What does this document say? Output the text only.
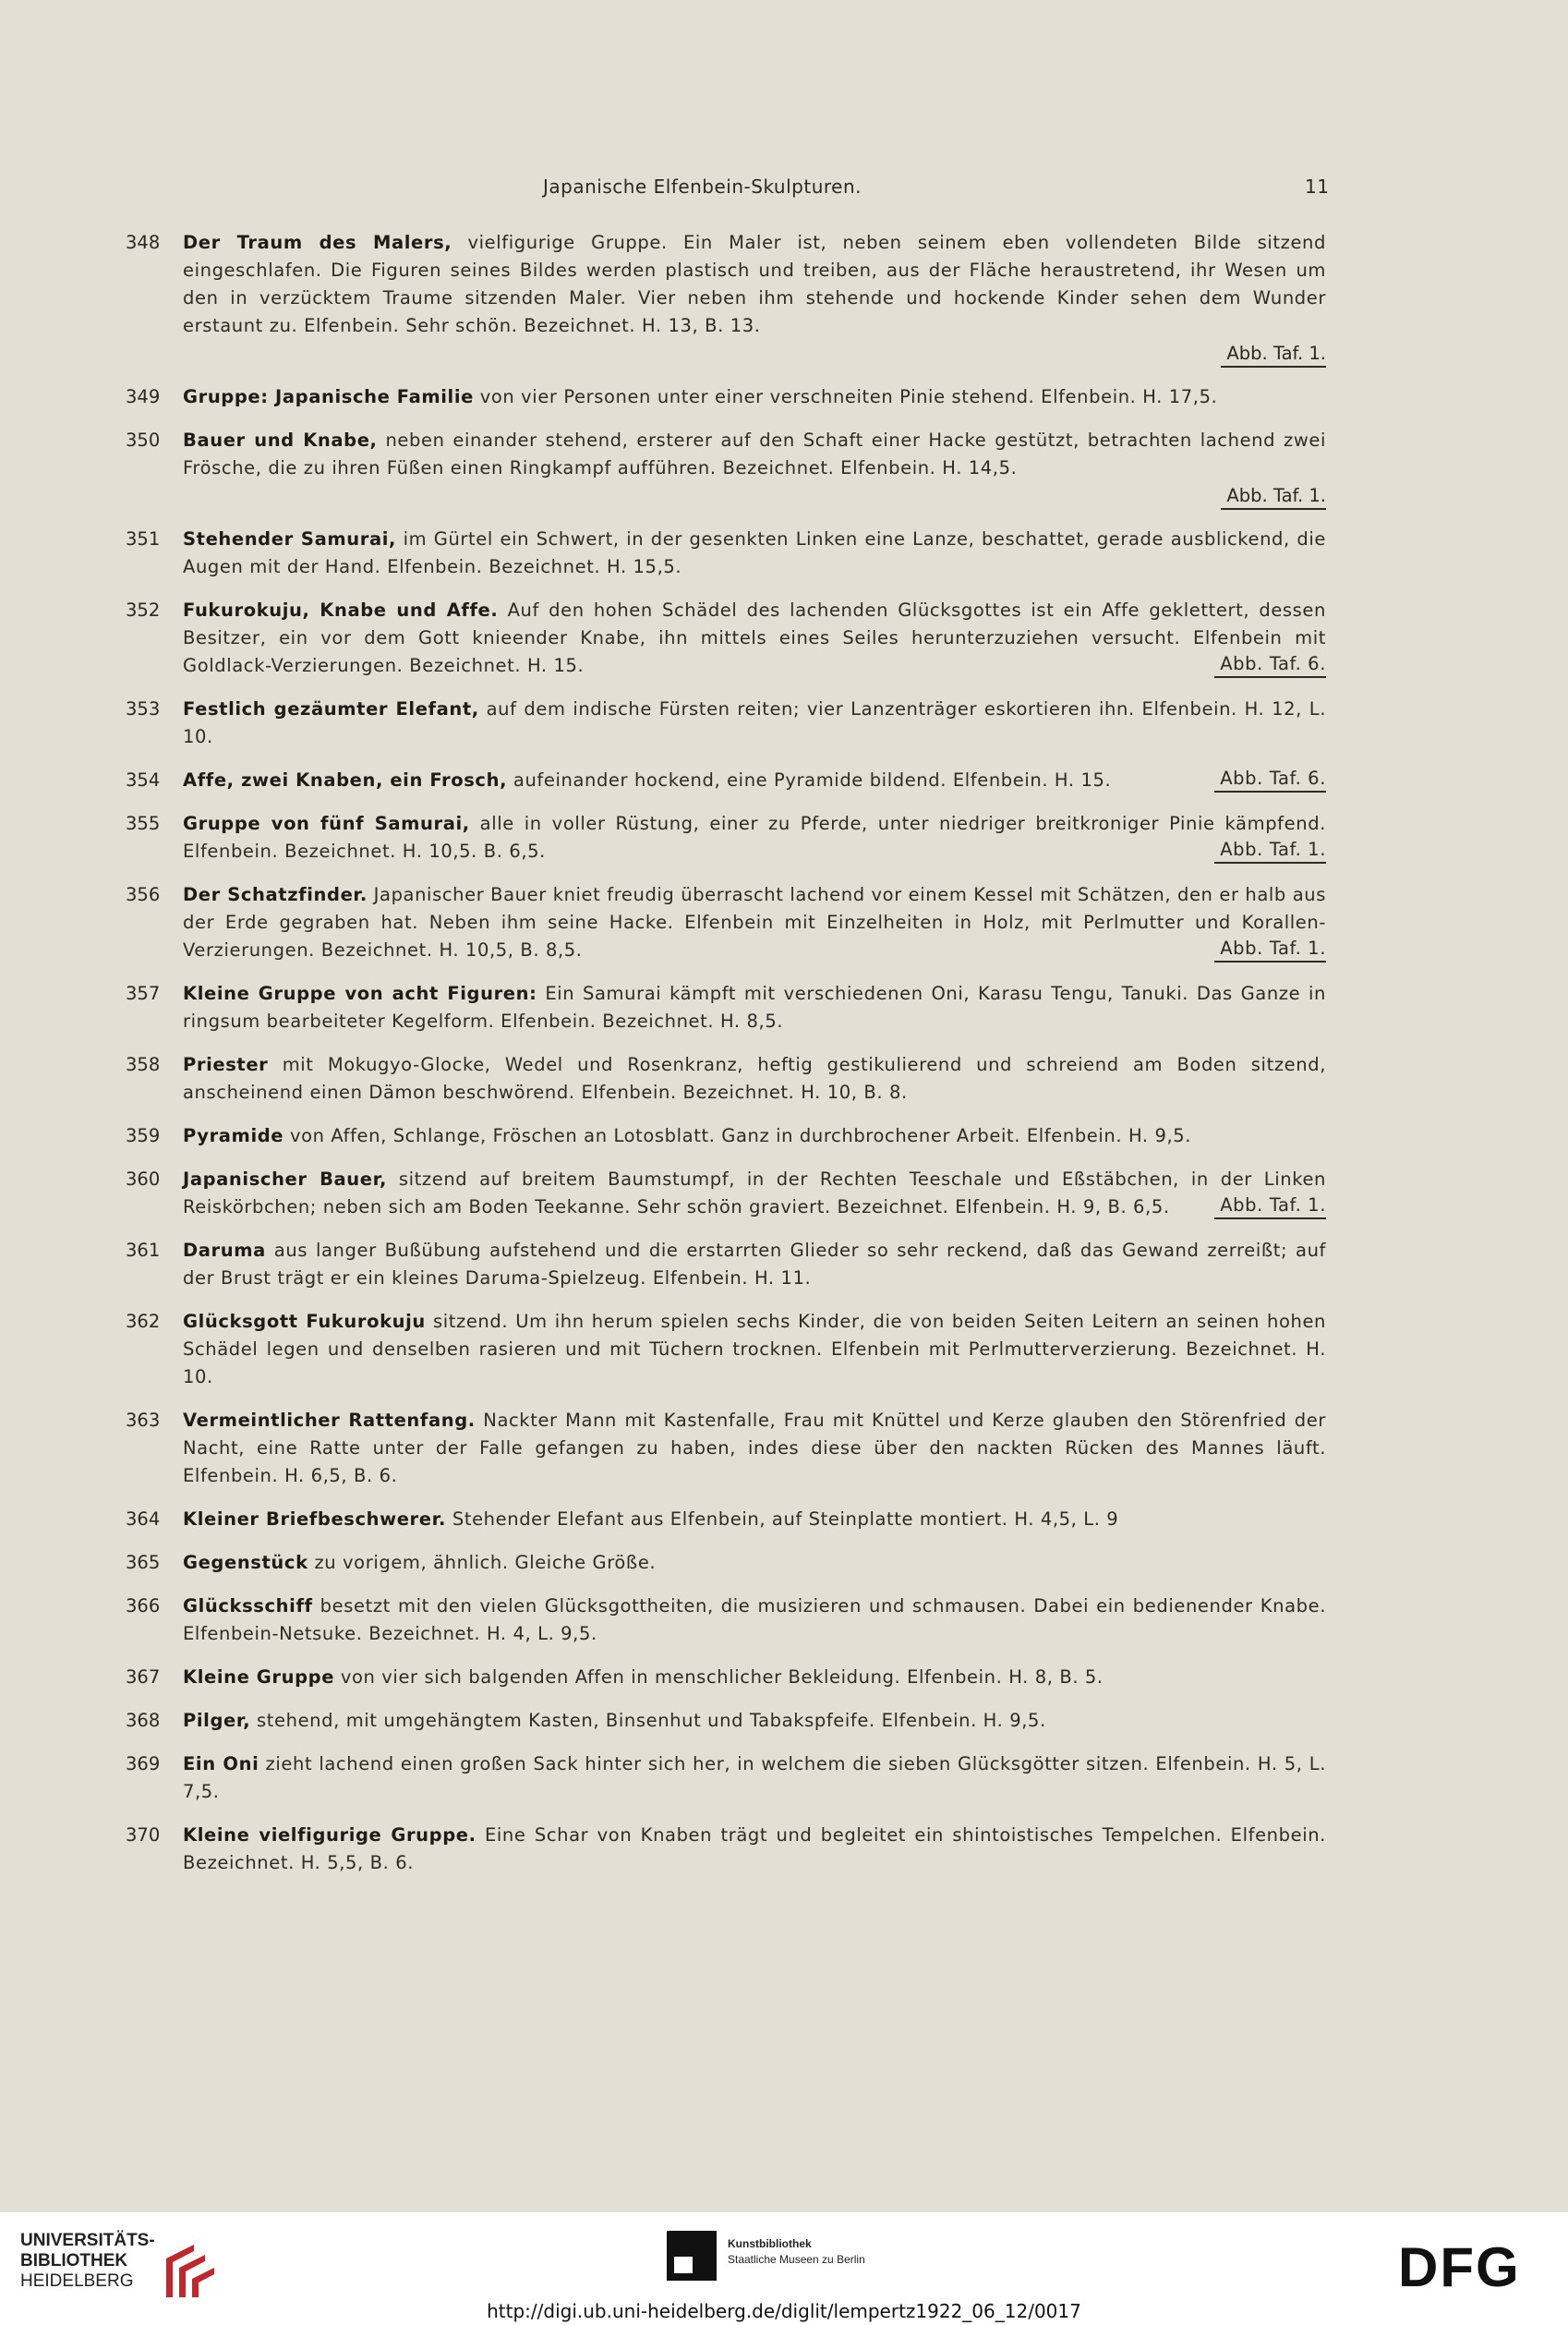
Japanische Elfenbein-Skulpturen.	11
348	Der Traum des Malers, vielfigurige Gruppe. Ein Maler ist, neben seinem eben vollendeten Bilde sitzend eingeschlafen. Die Figuren seines Bildes werden plastisch und treiben, aus der Fläche heraustretend, ihr Wesen um den in verzücktem Traume sitzenden Maler. Vier neben ihm stehende und hockende Kinder sehen dem Wunder erstaunt zu. Elfenbein. Sehr schön. Bezeichnet. H. 13, B. 13.
Abb. Taf. 1.
349	Gruppe: Japanische Familie von vier Personen unter einer verschneiten Pinie stehend. Elfenbein. H. 17,5.
350	Bauer und Knabe, neben einander stehend, ersterer auf den Schaft einer Hacke gestützt, betrachten lachend zwei Frösche, die zu ihren Füßen einen Ringkampf aufführen. Bezeichnet. Elfenbein. H. 14,5.
Abb. Taf. 1.
351	Stehender Samurai, im Gürtel ein Schwert, in der gesenkten Linken eine Lanze, beschattet, gerade ausblickend, die Augen mit der Hand. Elfenbein. Bezeichnet. H. 15,5.
352	Fukurokuju, Knabe und Affe. Auf den hohen Schädel des lachenden Glücksgottes ist ein Affe geklettert, dessen Besitzer, ein vor dem Gott knieender Knabe, ihn mittels eines Seiles herunterzuziehen versucht. Elfenbein mit Goldlack-Verzierungen. Bezeichnet. H. 15.	Abb. Taf. 6.
353	Festlich gezäumter Elefant, auf dem indische Fürsten reiten; vier Lanzenträger eskortieren ihn. Elfenbein. H. 12, L. 10.
354	Affe, zwei Knaben, ein Frosch, aufeinander hockend, eine Pyramide bildend. Elfenbein. H. 15.	Abb. Taf. 6.
355	Gruppe von fünf Samurai, alle in voller Rüstung, einer zu Pferde, unter niedriger breitkroniger Pinie kämpfend. Elfenbein. Bezeichnet. H. 10,5. B. 6,5.	Abb. Taf. 1.
356	Der Schatzfinder. Japanischer Bauer kniet freudig überrascht lachend vor einem Kessel mit Schätzen, den er halb aus der Erde gegraben hat. Neben ihm seine Hacke. Elfenbein mit Einzelheiten in Holz, mit Perlmutter und Korallen-Verzierungen. Bezeichnet. H. 10,5, B. 8,5.	Abb. Taf. 1.
357	Kleine Gruppe von acht Figuren: Ein Samurai kämpft mit verschiedenen Oni, Karasu Tengu, Tanuki. Das Ganze in ringsum bearbeiteter Kegelform. Elfenbein. Bezeichnet. H. 8,5.
358	Priester mit Mokugyo-Glocke, Wedel und Rosenkranz, heftig gestikulierend und schreiend am Boden sitzend, anscheinend einen Dämon beschwörend. Elfenbein. Bezeichnet. H. 10, B. 8.
359	Pyramide von Affen, Schlange, Fröschen an Lotosblatt. Ganz in durchbrochener Arbeit. Elfenbein. H. 9,5.
360	Japanischer Bauer, sitzend auf breitem Baumstumpf, in der Rechten Teeschale und Eßstäbchen, in der Linken Reiskörbchen; neben sich am Boden Teekanne. Sehr schön graviert. Bezeichnet. Elfenbein. H. 9, B. 6,5.	Abb. Taf. 1.
361	Daruma aus langer Bußübung aufstehend und die erstarrten Glieder so sehr reckend, daß das Gewand zerreißt; auf der Brust trägt er ein kleines Daruma-Spielzeug. Elfenbein. H. 11.
362	Glücksgott Fukurokuju sitzend. Um ihn herum spielen sechs Kinder, die von beiden Seiten Leitern an seinen hohen Schädel legen und denselben rasieren und mit Tüchern trocknen. Elfenbein mit Perlmutterverzierung. Bezeichnet. H. 10.
363	Vermeintlicher Rattenfang. Nackter Mann mit Kastenfalle, Frau mit Knüttel und Kerze glauben den Störenfried der Nacht, eine Ratte unter der Falle gefangen zu haben, indes diese über den nackten Rücken des Mannes läuft. Elfenbein. H. 6,5, B. 6.
364	Kleiner Briefbeschwerer. Stehender Elefant aus Elfenbein, auf Steinplatte montiert. H. 4,5, L. 9
365	Gegenstück zu vorigem, ähnlich. Gleiche Größe.
366	Glücksschiff besetzt mit den vielen Glücksgottheiten, die musizieren und schmausen. Dabei ein bedienender Knabe. Elfenbein-Netsuke. Bezeichnet. H. 4, L. 9,5.
367	Kleine Gruppe von vier sich balgenden Affen in menschlicher Bekleidung. Elfenbein. H. 8, B. 5.
368	Pilger, stehend, mit umgehängtem Kasten, Binsenhut und Tabakspfeife. Elfenbein. H. 9,5.
369	Ein Oni zieht lachend einen großen Sack hinter sich her, in welchem die sieben Glücksgötter sitzen. Elfenbein. H. 5, L. 7,5.
370	Kleine vielfigurige Gruppe. Eine Schar von Knaben trägt und begleitet ein shintoistisches Tempelchen. Elfenbein. Bezeichnet. H. 5,5, B. 6.
UNIVERSITÄTS-
BIBLIOTHEK
HEIDELBERG
Kunstbibliothek
Staatliche Museen zu Berlin	DFG
http://digi.ub.uni-heidelberg.de/diglit/lempertz1922_06_12/0017
